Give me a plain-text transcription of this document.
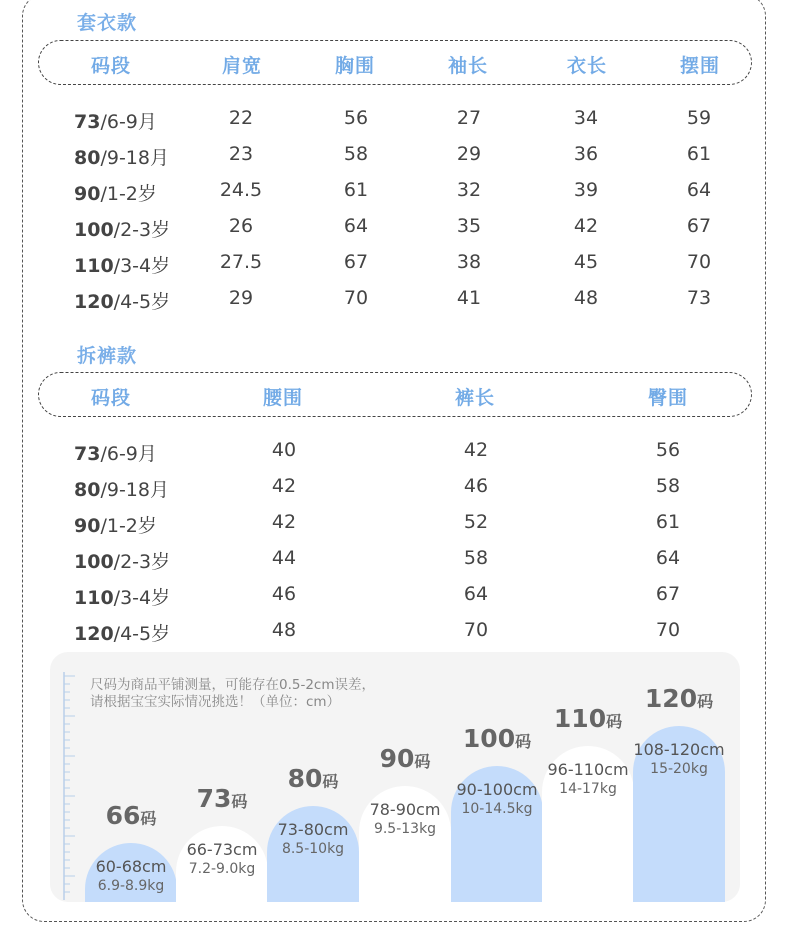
套衣款
码段	肩宽	胸围	袖长	衣长	摆围
73/6-9月	22	56	27	34	59
80/9-18月	23	58	29	36	61
90/1-2岁	24.5	61	32	39	64
100/2-3岁	26	64	35	42	67
110/3-4岁	27.5	67	38	45	70
120/4-5岁	29	70	41	48	73
拆裤款
码段	腰围	裤长	臀围
73/6-9月	40	42	56
80/9-18月	42	46	58
90/1-2岁	42	52	61
100/2-3岁	44	58	64
110/3-4岁	46	64	67
120/4-5岁	48	70	70
尺码为商品平铺测量，可能存在0.5-2cm误差，
请根据宝宝实际情况挑选！（单位：cm）
66码
60-68cm
6.9-8.9kg
73码
66-73cm
7.2-9.0kg
80码
73-80cm
8.5-10kg
90码
78-90cm
9.5-13kg
100码
90-100cm
10-14.5kg
110码
96-110cm
14-17kg
120码
108-120cm
15-20kg
